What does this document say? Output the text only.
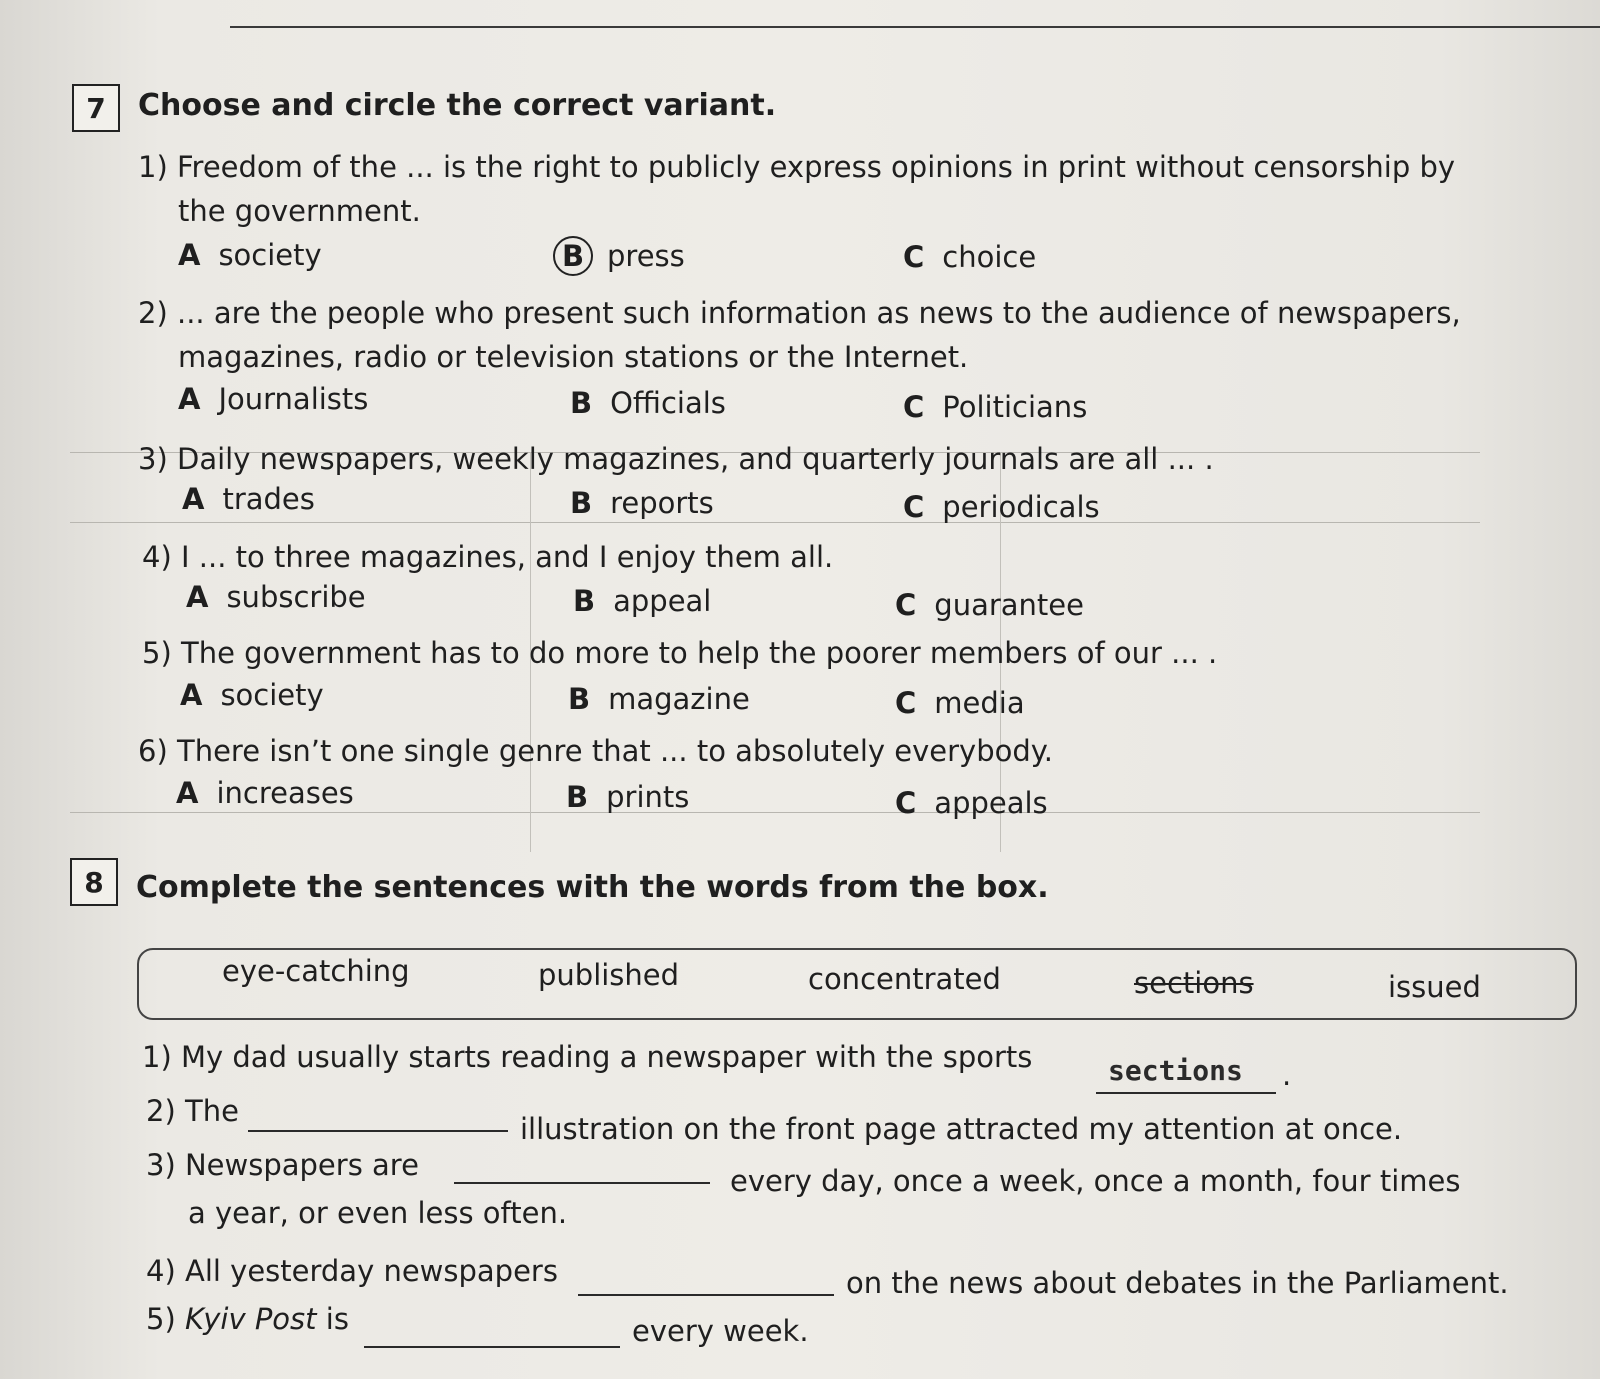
7	Choose and circle the correct variant.
1) Freedom of the ... is the right to publicly express opinions in print without censorship by
the government.
A society	B press	C choice
2) ... are the people who present such information as news to the audience of newspapers,
magazines, radio or television stations or the Internet.
A Journalists	B Officials	C Politicians
3) Daily newspapers, weekly magazines, and quarterly journals are all ... .
A trades	B reports	C periodicals
4) I ... to three magazines, and I enjoy them all.
A subscribe	B appeal	C guarantee
5) The government has to do more to help the poorer members of our ... .
A society	B magazine	C media
6) There isn’t one single genre that ... to absolutely everybody.
A increases	B prints	C appeals
8	Complete the sentences with the words from the box.
eye-catching	published	concentrated	sections	issued
1) My dad usually starts reading a newspaper with the sports	sections .
2) The
illustration on the front page attracted my attention at once.
3) Newspapers are	every day, once a week, once a month, four times
a year, or even less often.
4) All yesterday newspapers	on the news about debates in the Parliament.
5) Kyiv Post is	every week.
